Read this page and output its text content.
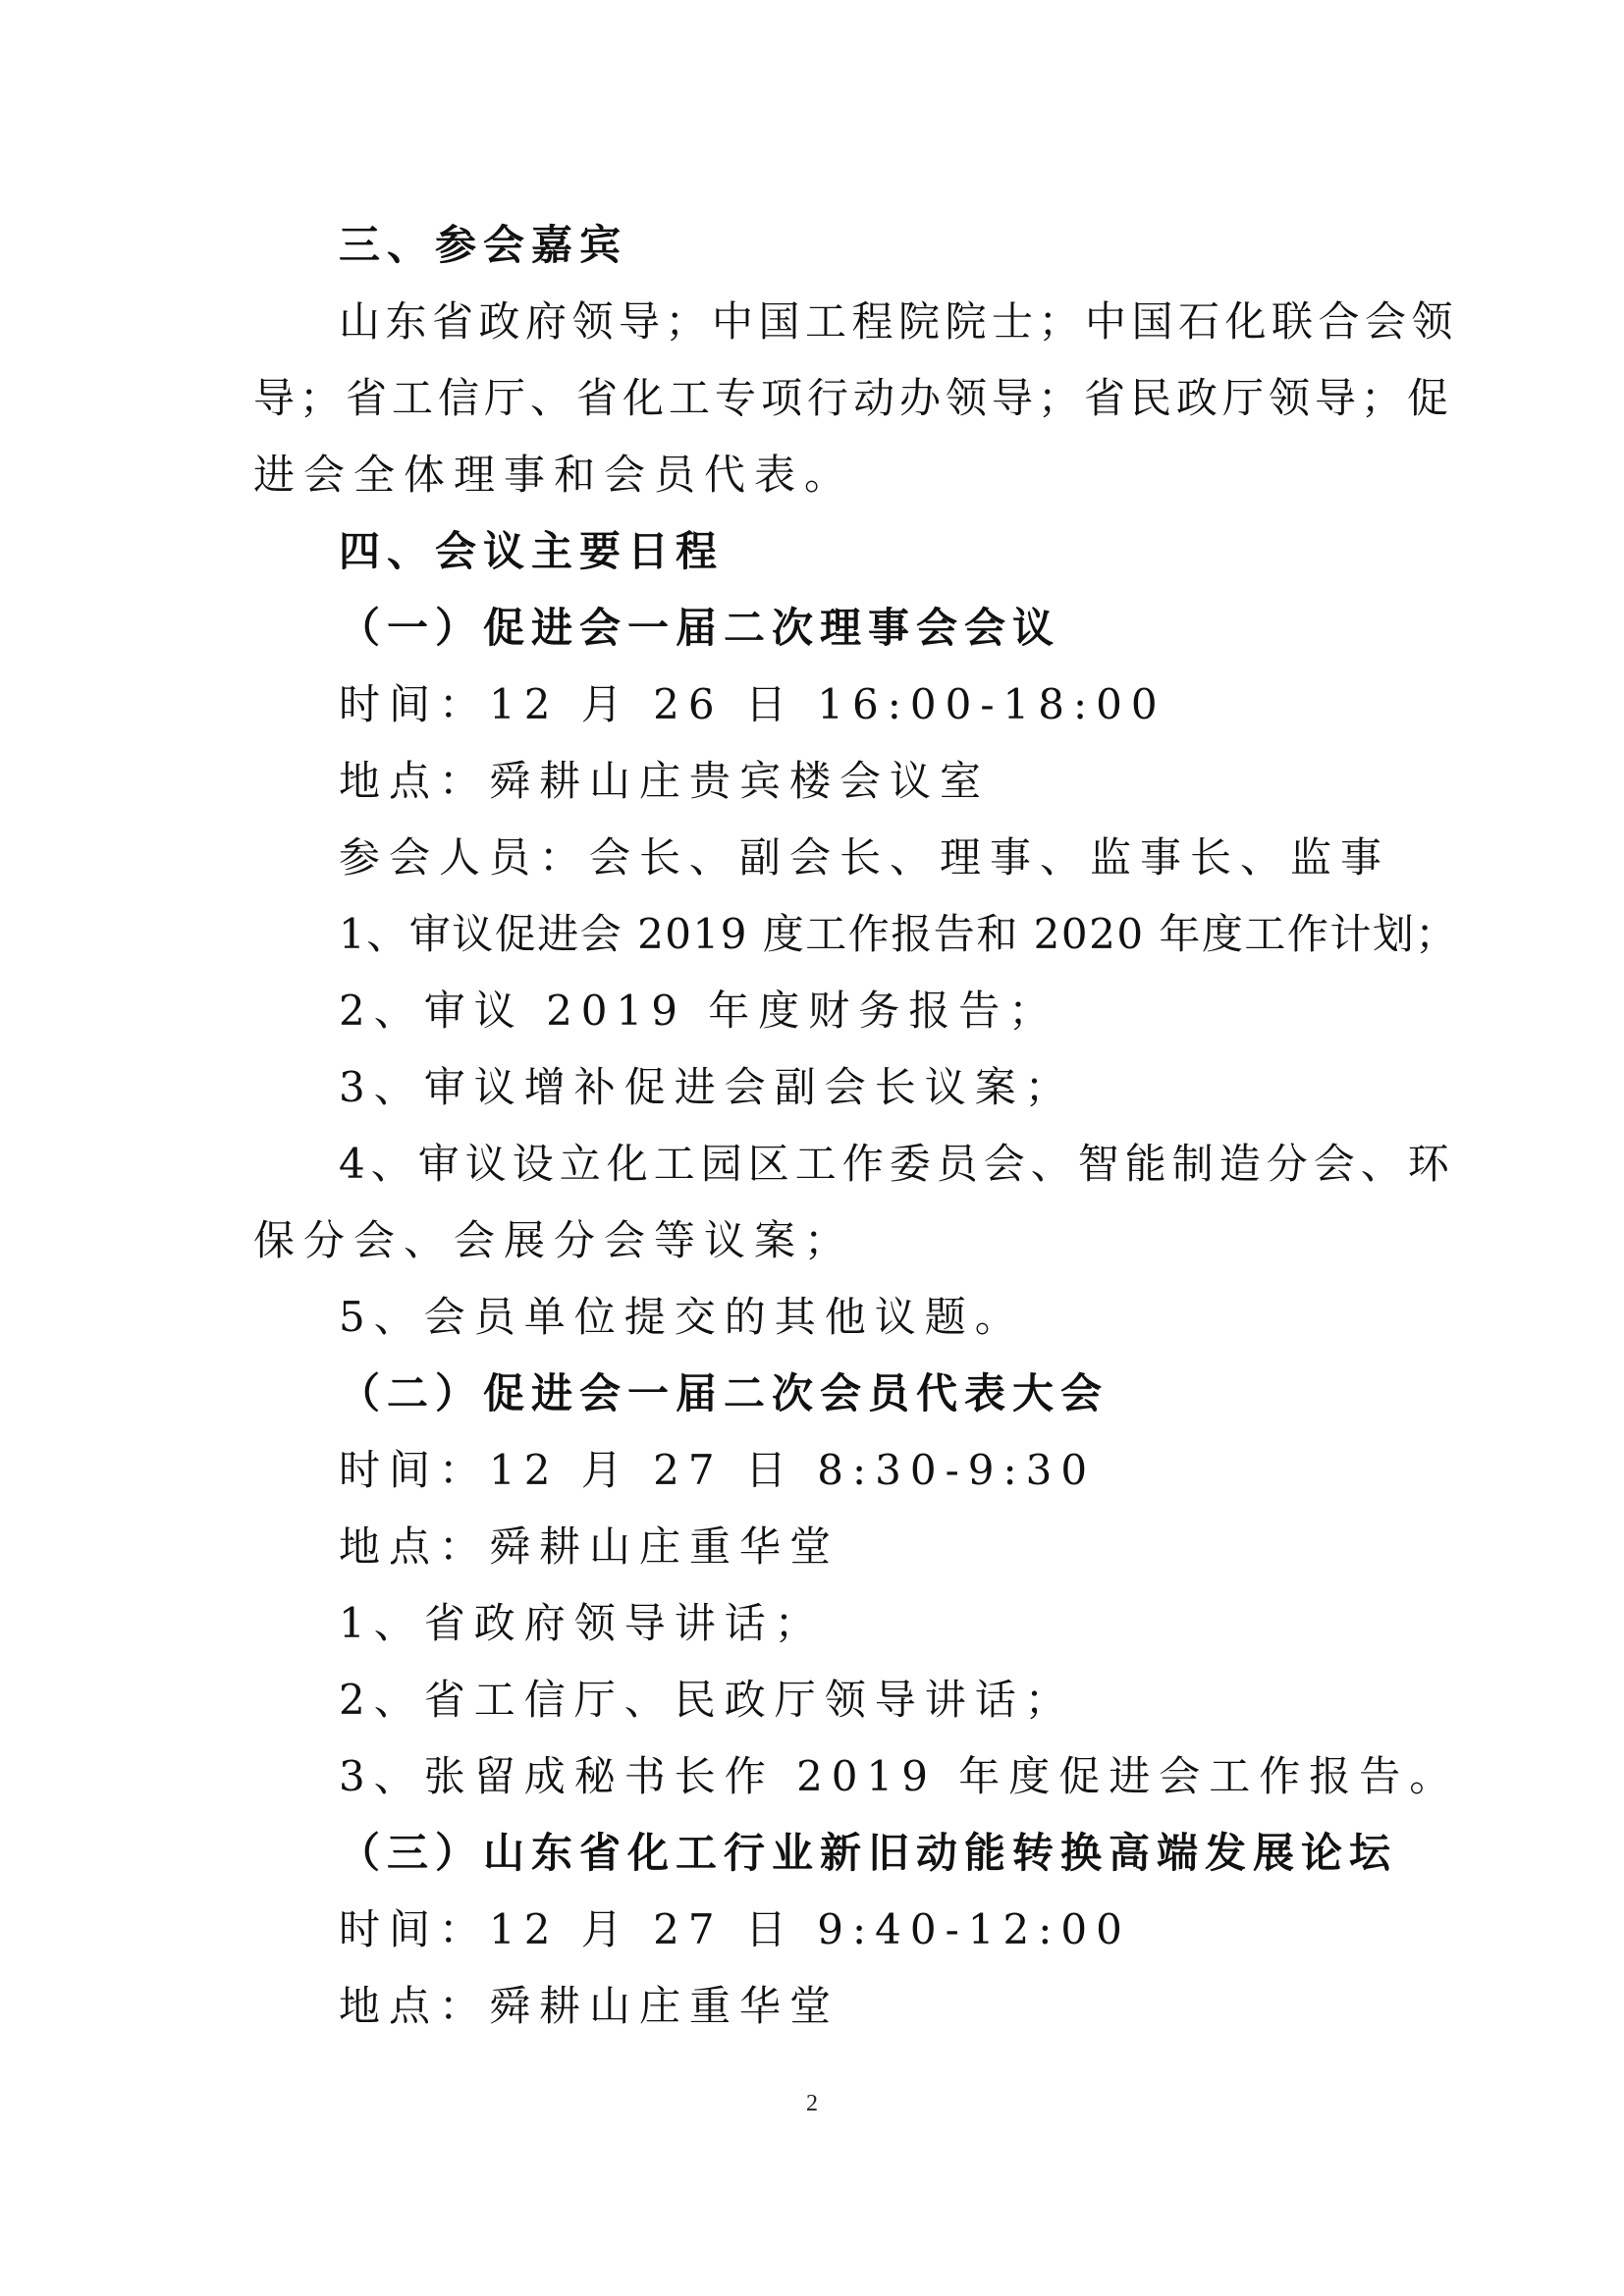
三、参会嘉宾
山东省政府领导；中国工程院院士；中国石化联合会领
导；省工信厅、省化工专项行动办领导；省民政厅领导；促
进会全体理事和会员代表。
四、会议主要日程
（一）促进会一届二次理事会会议
时间：12 月 26 日 16:00-18:00
地点：舜耕山庄贵宾楼会议室
参会人员：会长、副会长、理事、监事长、监事
1、审议促进会 2019 度工作报告和 2020 年度工作计划；
2、审议 2019 年度财务报告；
3、审议增补促进会副会长议案；
4、审议设立化工园区工作委员会、智能制造分会、环
保分会、会展分会等议案；
5、会员单位提交的其他议题。
（二）促进会一届二次会员代表大会
时间：12 月 27 日 8:30-9:30
地点：舜耕山庄重华堂
1、省政府领导讲话；
2、省工信厅、民政厅领导讲话；
3、张留成秘书长作 2019 年度促进会工作报告。
（三）山东省化工行业新旧动能转换高端发展论坛
时间：12 月 27 日 9:40-12:00
地点：舜耕山庄重华堂
2
